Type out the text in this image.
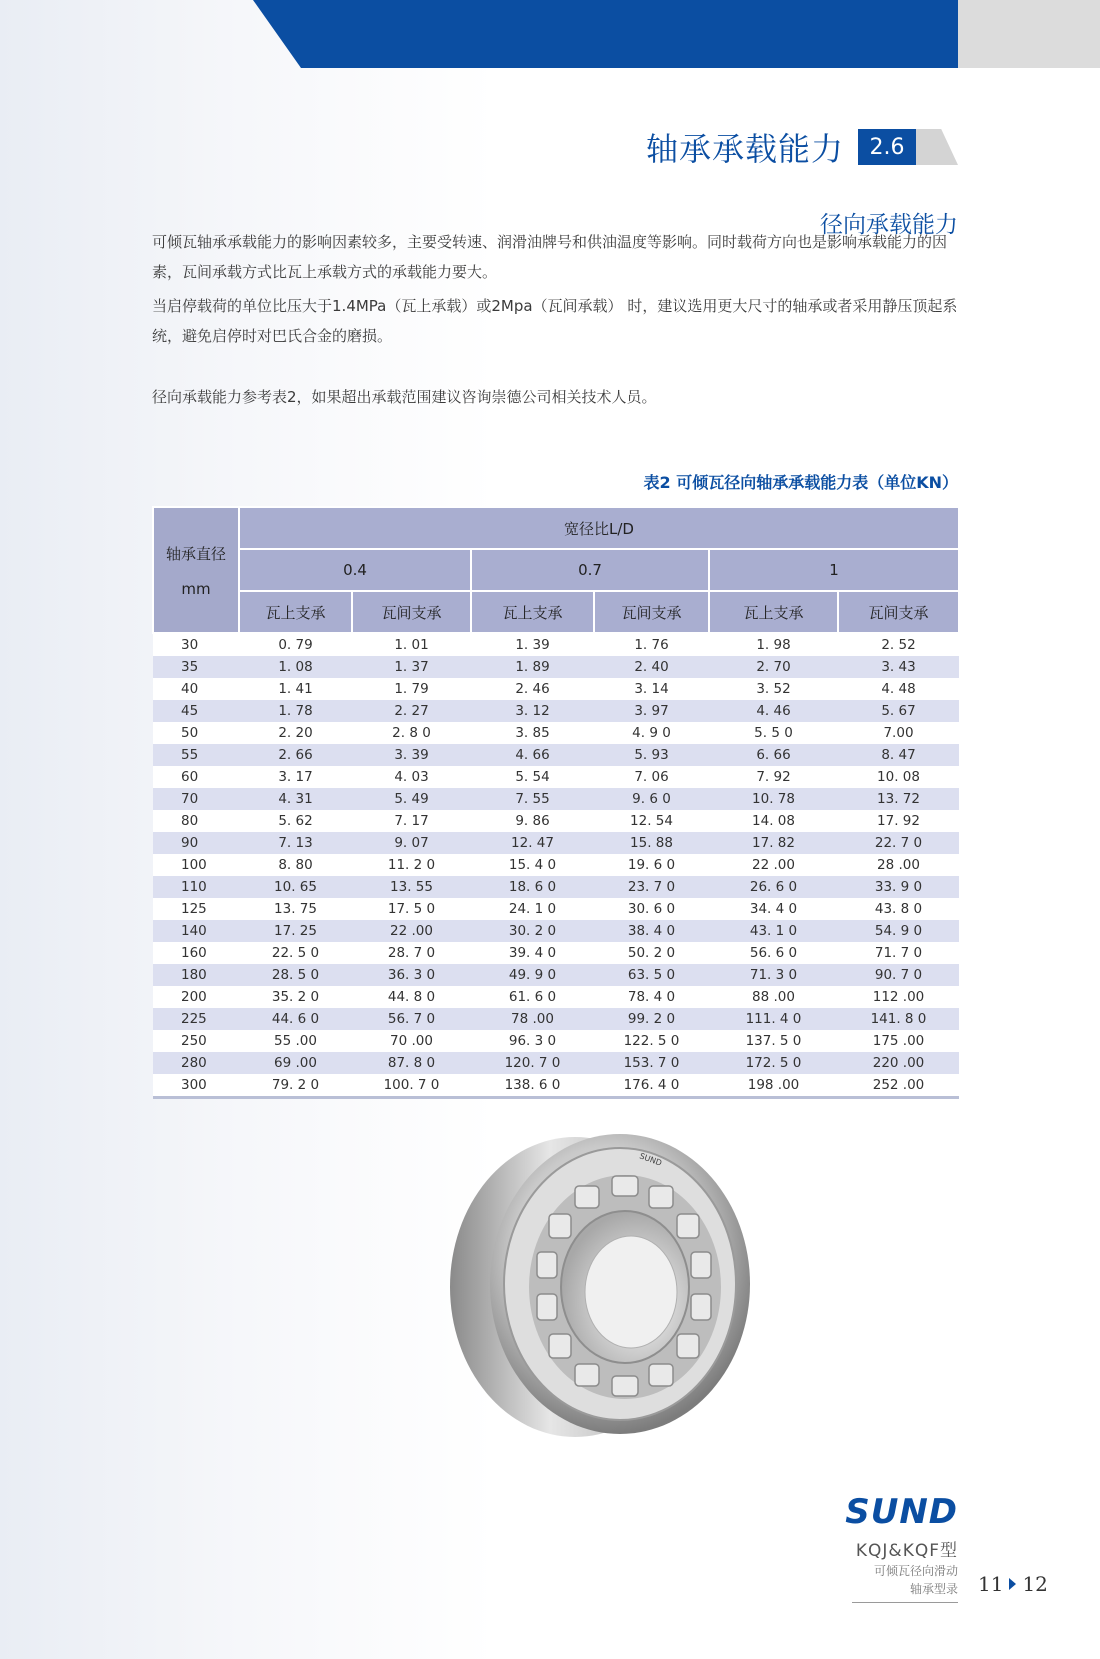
轴承承载能力	2.6
径向承载能力

可倾瓦轴承承载能力的影响因素较多，主要受转速、润滑油牌号和供油温度等影响。同时载荷方向也是影响承载能力的因素，瓦间承载方式比瓦上承载方式的承载能力要大。

当启停载荷的单位比压大于1.4MPa（瓦上承载）或2Mpa（瓦间承载） 时，建议选用更大尺寸的轴承或者采用静压顶起系统，避免启停时对巴氏合金的磨损。

径向承载能力参考表2，如果超出承载范围建议咨询崇德公司相关技术人员。

表2 可倾瓦径向轴承承载能力表（单位KN）
轴承直径
mm	宽径比L/D					
	0.4		0.7		1	
	瓦上支承	瓦间支承	瓦上支承	瓦间支承	瓦上支承	瓦间支承
30	0. 79	1. 01	1. 39	1. 76	1. 98	2. 52
35	1. 08	1. 37	1. 89	2. 40	2. 70	3. 43
40	1. 41	1. 79	2. 46	3. 14	3. 52	4. 48
45	1. 78	2. 27	3. 12	3. 97	4. 46	5. 67
50	2. 20	2. 8 0	3. 85	4. 9 0	5. 5 0	7.00
55	2. 66	3. 39	4. 66	5. 93	6. 66	8. 47
60	3. 17	4. 03	5. 54	7. 06	7. 92	10. 08
70	4. 31	5. 49	7. 55	9. 6 0	10. 78	13. 72
80	5. 62	7. 17	9. 86	12. 54	14. 08	17. 92
90	7. 13	9. 07	12. 47	15. 88	17. 82	22. 7 0
100	8. 80	11. 2 0	15. 4 0	19. 6 0	22 .00	28 .00
110	10. 65	13. 55	18. 6 0	23. 7 0	26. 6 0	33. 9 0
125	13. 75	17. 5 0	24. 1 0	30. 6 0	34. 4 0	43. 8 0
140	17. 25	22 .00	30. 2 0	38. 4 0	43. 1 0	54. 9 0
160	22. 5 0	28. 7 0	39. 4 0	50. 2 0	56. 6 0	71. 7 0
180	28. 5 0	36. 3 0	49. 9 0	63. 5 0	71. 3 0	90. 7 0
200	35. 2 0	44. 8 0	61. 6 0	78. 4 0	88 .00	112 .00
225	44. 6 0	56. 7 0	78 .00	99. 2 0	111. 4 0	141. 8 0
250	55 .00	70 .00	96. 3 0	122. 5 0	137. 5 0	175 .00
280	69 .00	87. 8 0	120. 7 0	153. 7 0	172. 5 0	220 .00
300	79. 2 0	100. 7 0	138. 6 0	176. 4 0	198 .00	252 .00
SUND
SUND
KQJ&KQF型
可倾瓦径向滑动
轴承型录 11 12
